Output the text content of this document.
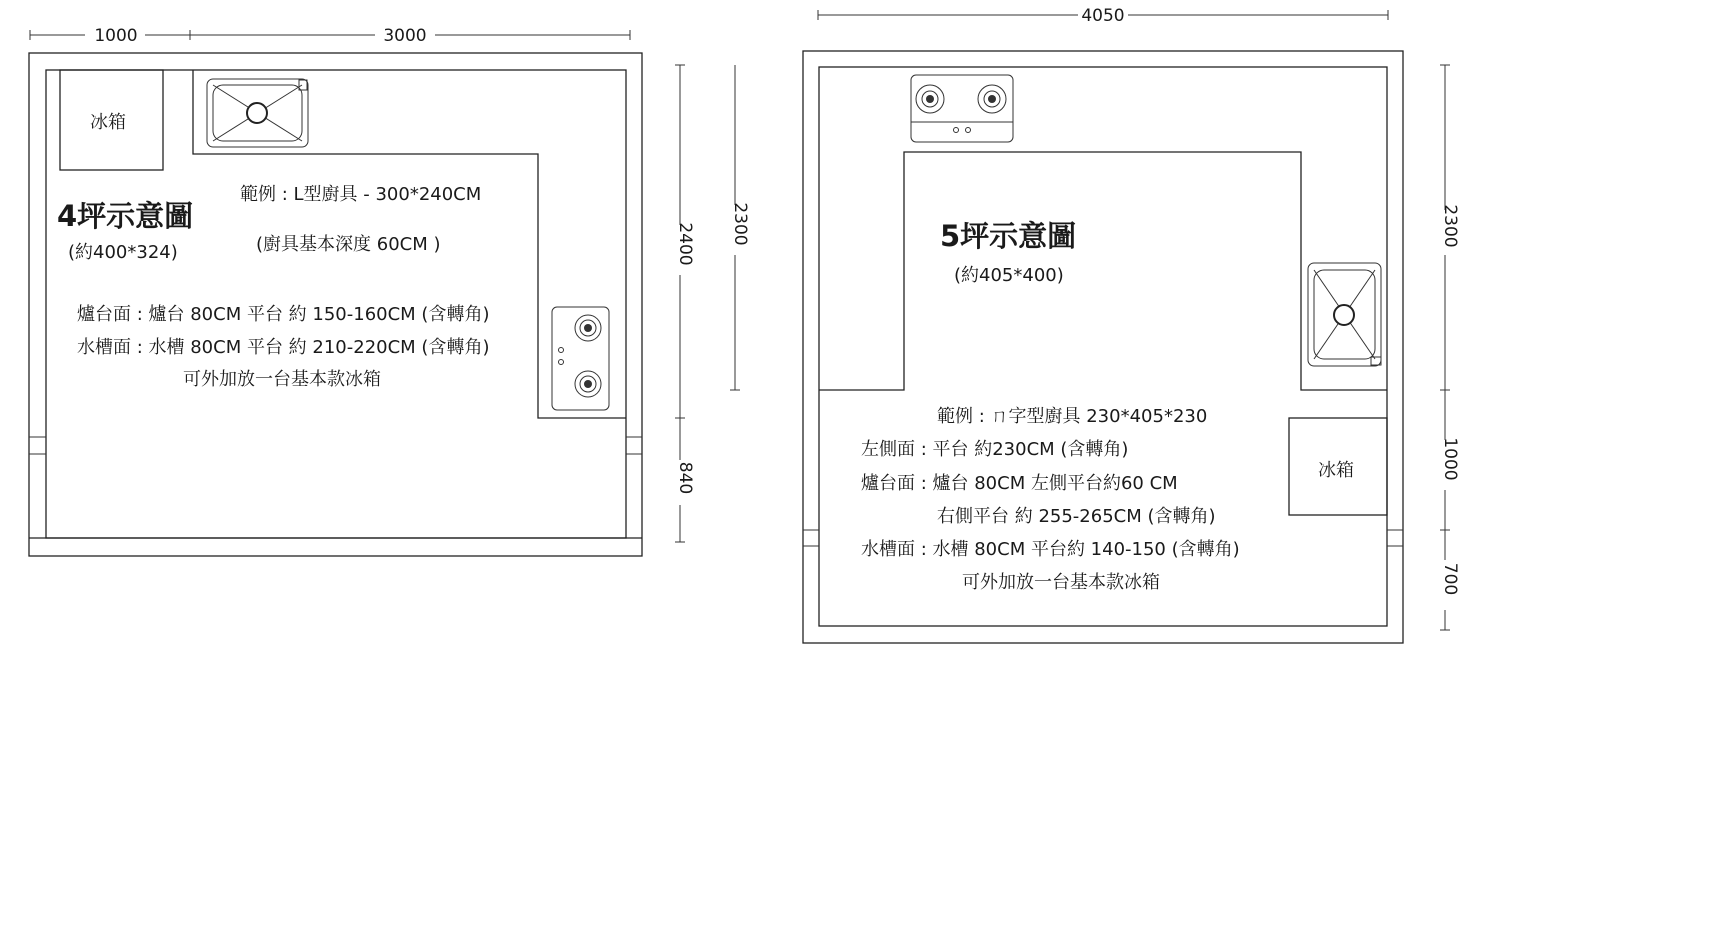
1000	3000
冰箱
4坪示意圖
(約400*324)
範例 : L型廚具 - 300*240CM
(廚具基本深度 60CM )
爐台面 : 爐台 80CM 平台 約 150-160CM (含轉角)
水槽面 : 水槽 80CM 平台 約 210-220CM (含轉角)
可外加放一台基本款冰箱
2400
840
2300
4050
冰箱
5坪示意圖
(約405*400)
範例 : ㄇ字型廚具 230*405*230
左側面 : 平台 約230CM (含轉角)
爐台面 : 爐台 80CM 左側平台約60 CM
右側平台 約 255-265CM (含轉角)
水槽面 : 水槽 80CM 平台約 140-150 (含轉角)
可外加放一台基本款冰箱
2300
1000
700
